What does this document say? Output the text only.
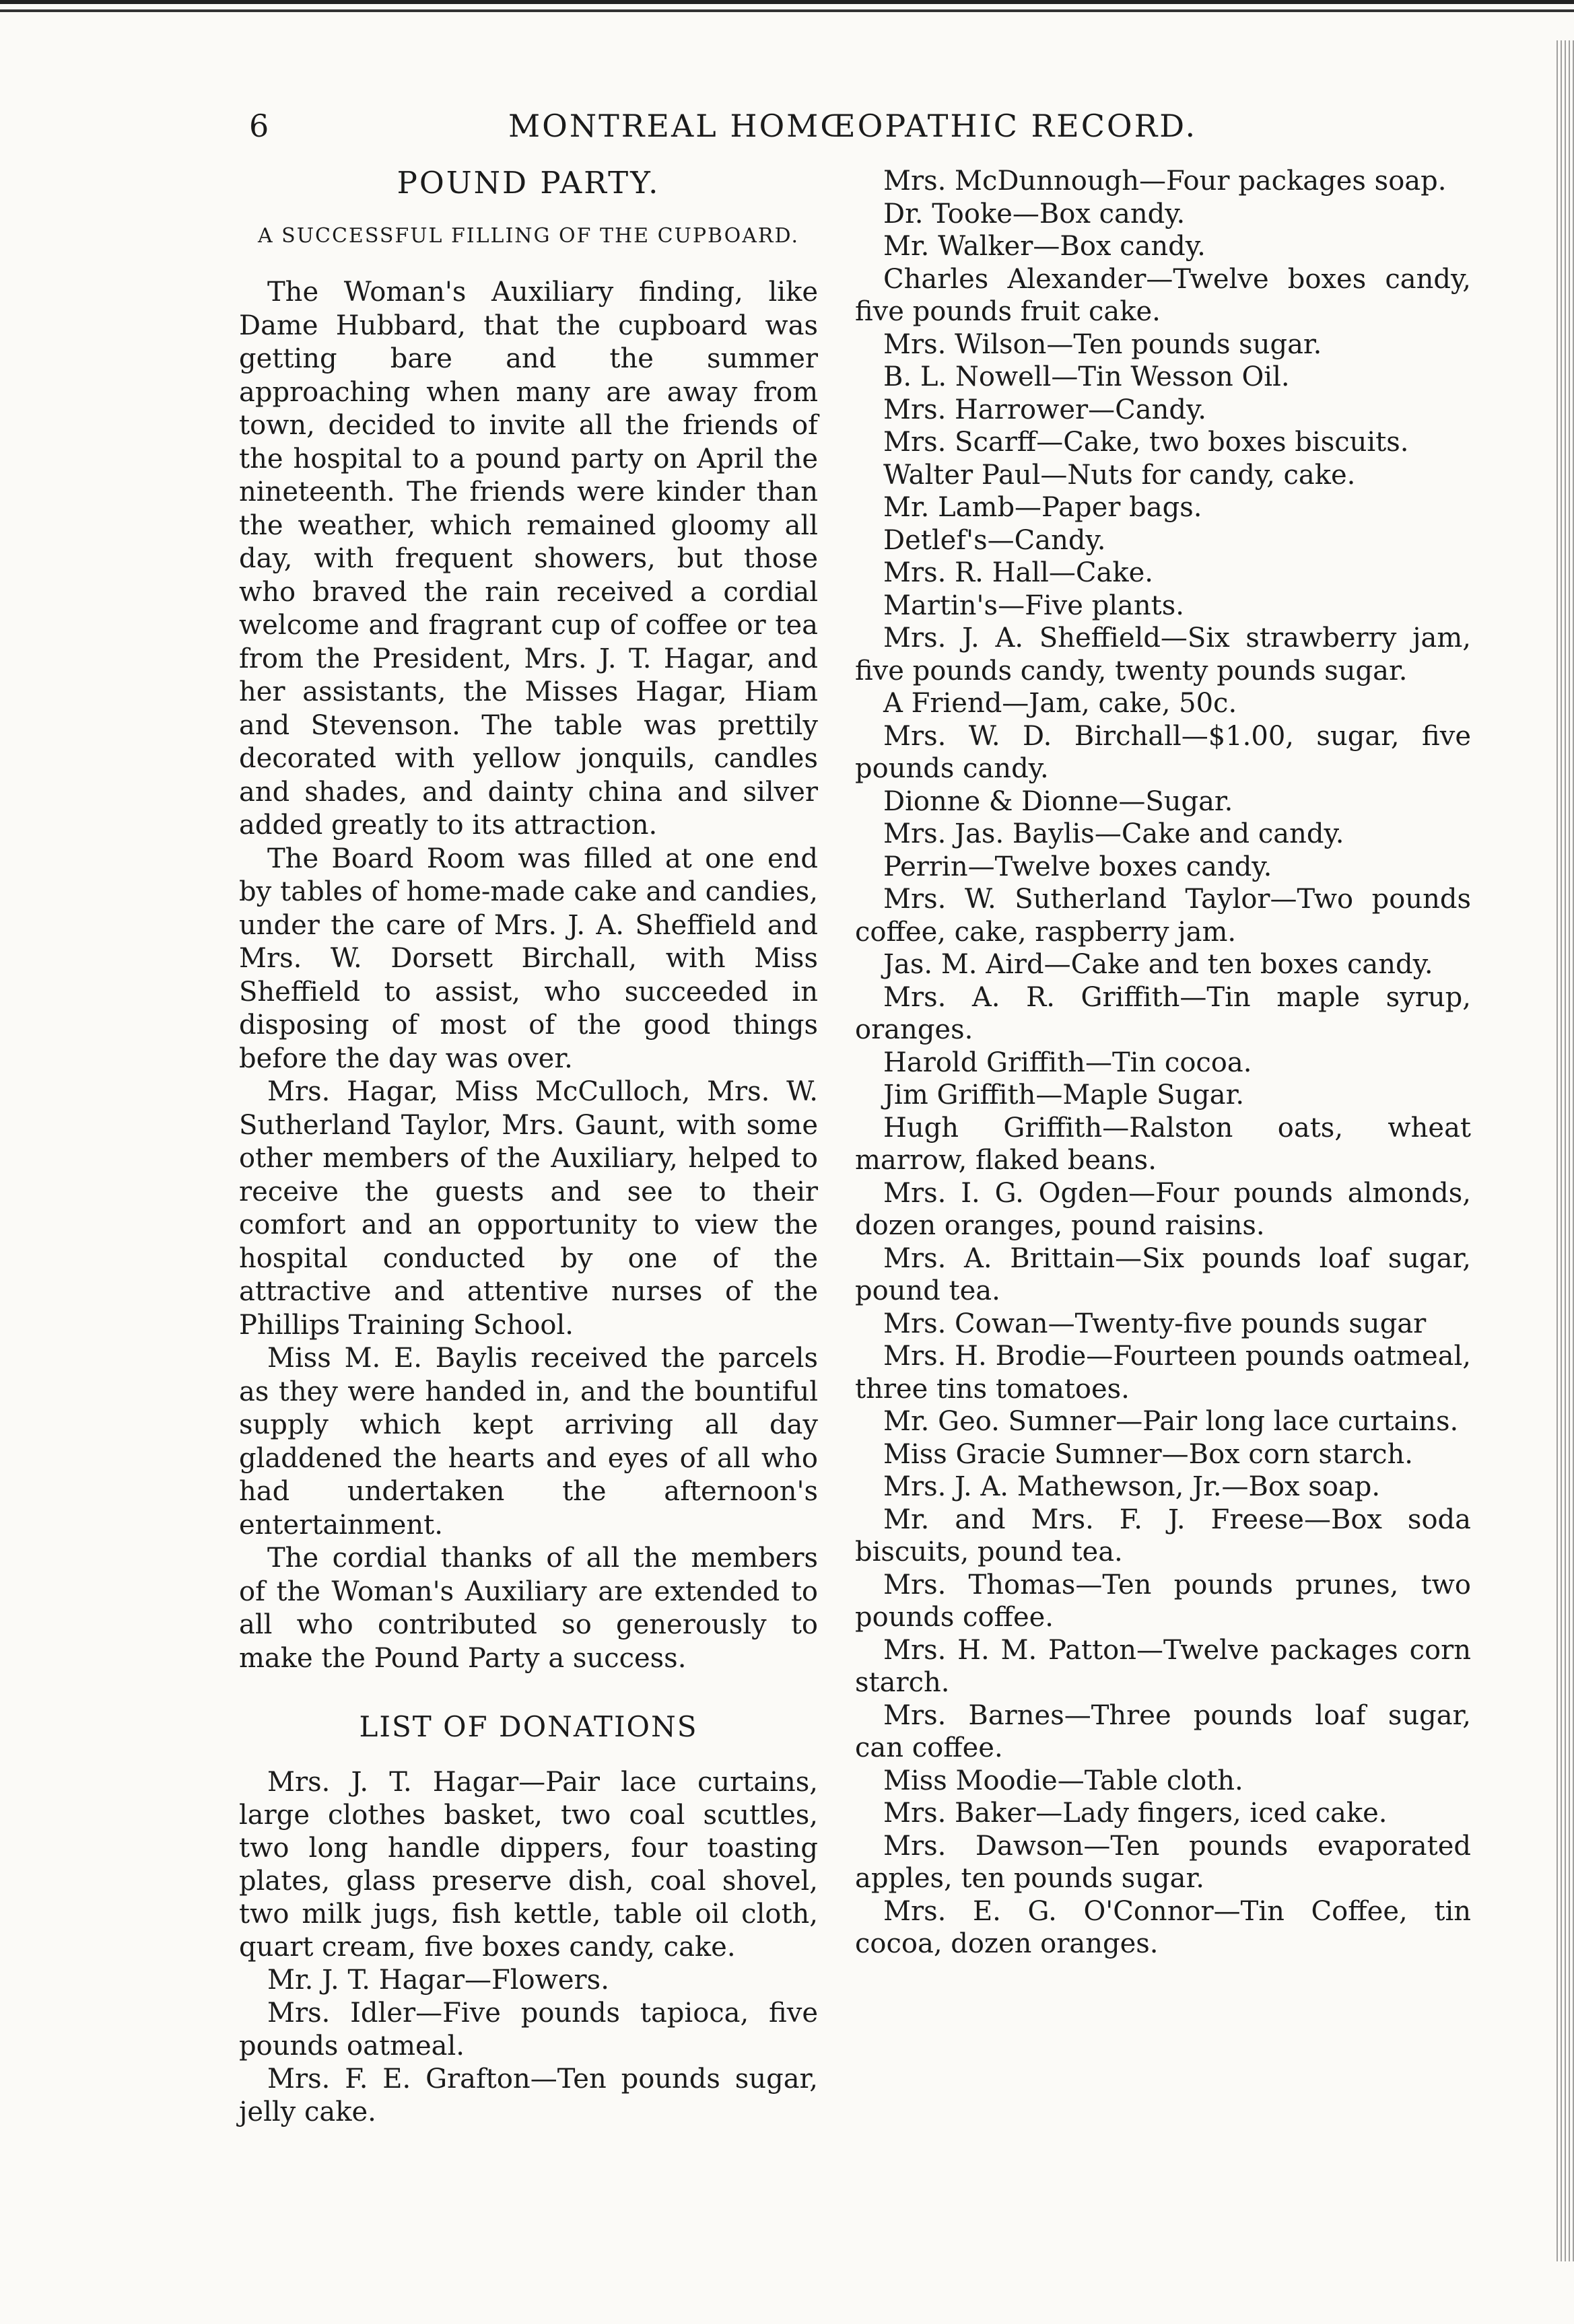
6	MONTREAL HOMŒOPATHIC RECORD.
POUND PARTY.
A SUCCESSFUL FILLING OF THE CUPBOARD.

The Woman's Auxiliary finding, like Dame Hubbard, that the cupboard was getting bare and the summer approaching when many are away from town, decided to invite all the friends of the hospital to a pound party on April the nineteenth. The friends were kinder than the weather, which remained gloomy all day, with frequent showers, but those who braved the rain received a cordial welcome and fragrant cup of coffee or tea from the President, Mrs. J. T. Hagar, and her assistants, the Misses Hagar, Hiam and Stevenson. The table was prettily decorated with yellow jonquils, candles and shades, and dainty china and silver added greatly to its attraction.

The Board Room was filled at one end by tables of home-made cake and candies, under the care of Mrs. J. A. Sheffield and Mrs. W. Dorsett Birchall, with Miss Sheffield to assist, who succeeded in disposing of most of the good things before the day was over.

Mrs. Hagar, Miss McCulloch, Mrs. W. Sutherland Taylor, Mrs. Gaunt, with some other members of the Auxiliary, helped to receive the guests and see to their comfort and an opportunity to view the hospital conducted by one of the attractive and attentive nurses of the Phillips Training School.

Miss M. E. Baylis received the parcels as they were handed in, and the bountiful supply which kept arriving all day gladdened the hearts and eyes of all who had undertaken the afternoon's entertainment.

The cordial thanks of all the members of the Woman's Auxiliary are extended to all who contributed so generously to make the Pound Party a success.

LIST OF DONATIONS

Mrs. J. T. Hagar—Pair lace curtains, large clothes basket, two coal scuttles, two long handle dippers, four toasting plates, glass preserve dish, coal shovel, two milk jugs, fish kettle, table oil cloth, quart cream, five boxes candy, cake.

Mr. J. T. Hagar—Flowers.

Mrs. Idler—Five pounds tapioca, five pounds oatmeal.

Mrs. F. E. Grafton—Ten pounds sugar, jelly cake.

Mrs. McDunnough—Four packages soap.

Dr. Tooke—Box candy.

Mr. Walker—Box candy.

Charles Alexander—Twelve boxes candy, five pounds fruit cake.

Mrs. Wilson—Ten pounds sugar.

B. L. Nowell—Tin Wesson Oil.

Mrs. Harrower—Candy.

Mrs. Scarff—Cake, two boxes biscuits.

Walter Paul—Nuts for candy, cake.

Mr. Lamb—Paper bags.

Detlef's—Candy.

Mrs. R. Hall—Cake.

Martin's—Five plants.

Mrs. J. A. Sheffield—Six strawberry jam, five pounds candy, twenty pounds sugar.

A Friend—Jam, cake, 50c.

Mrs. W. D. Birchall—$1.00, sugar, five pounds candy.

Dionne & Dionne—Sugar.

Mrs. Jas. Baylis—Cake and candy.

Perrin—Twelve boxes candy.

Mrs. W. Sutherland Taylor—Two pounds coffee, cake, raspberry jam.

Jas. M. Aird—Cake and ten boxes candy.

Mrs. A. R. Griffith—Tin maple syrup, oranges.

Harold Griffith—Tin cocoa.

Jim Griffith—Maple Sugar.

Hugh Griffith—Ralston oats, wheat marrow, flaked beans.

Mrs. I. G. Ogden—Four pounds almonds, dozen oranges, pound raisins.

Mrs. A. Brittain—Six pounds loaf sugar, pound tea.

Mrs. Cowan—Twenty-five pounds sugar

Mrs. H. Brodie—Fourteen pounds oatmeal, three tins tomatoes.

Mr. Geo. Sumner—Pair long lace curtains.

Miss Gracie Sumner—Box corn starch.

Mrs. J. A. Mathewson, Jr.—Box soap.

Mr. and Mrs. F. J. Freese—Box soda biscuits, pound tea.

Mrs. Thomas—Ten pounds prunes, two pounds coffee.

Mrs. H. M. Patton—Twelve packages corn starch.

Mrs. Barnes—Three pounds loaf sugar, can coffee.

Miss Moodie—Table cloth.

Mrs. Baker—Lady fingers, iced cake.

Mrs. Dawson—Ten pounds evaporated apples, ten pounds sugar.

Mrs. E. G. O'Connor—Tin Coffee, tin cocoa, dozen oranges.
